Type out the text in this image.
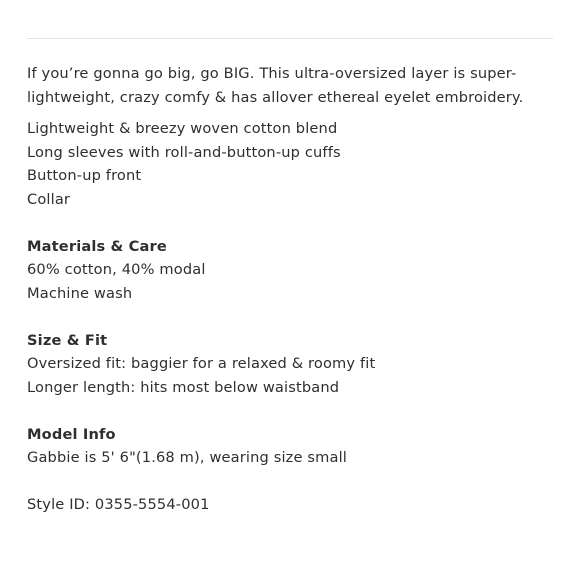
If you’re gonna go big, go BIG. This ultra-oversized layer is super-
lightweight, crazy comfy & has allover ethereal eyelet embroidery.
Lightweight & breezy woven cotton blend
Long sleeves with roll-and-button-up cuffs
Button-up front
Collar
Materials & Care
60% cotton, 40% modal
Machine wash
Size & Fit
Oversized fit: baggier for a relaxed & roomy fit
Longer length: hits most below waistband
Model Info
Gabbie is 5' 6"(1.68 m), wearing size small
Style ID: 0355-5554-001
